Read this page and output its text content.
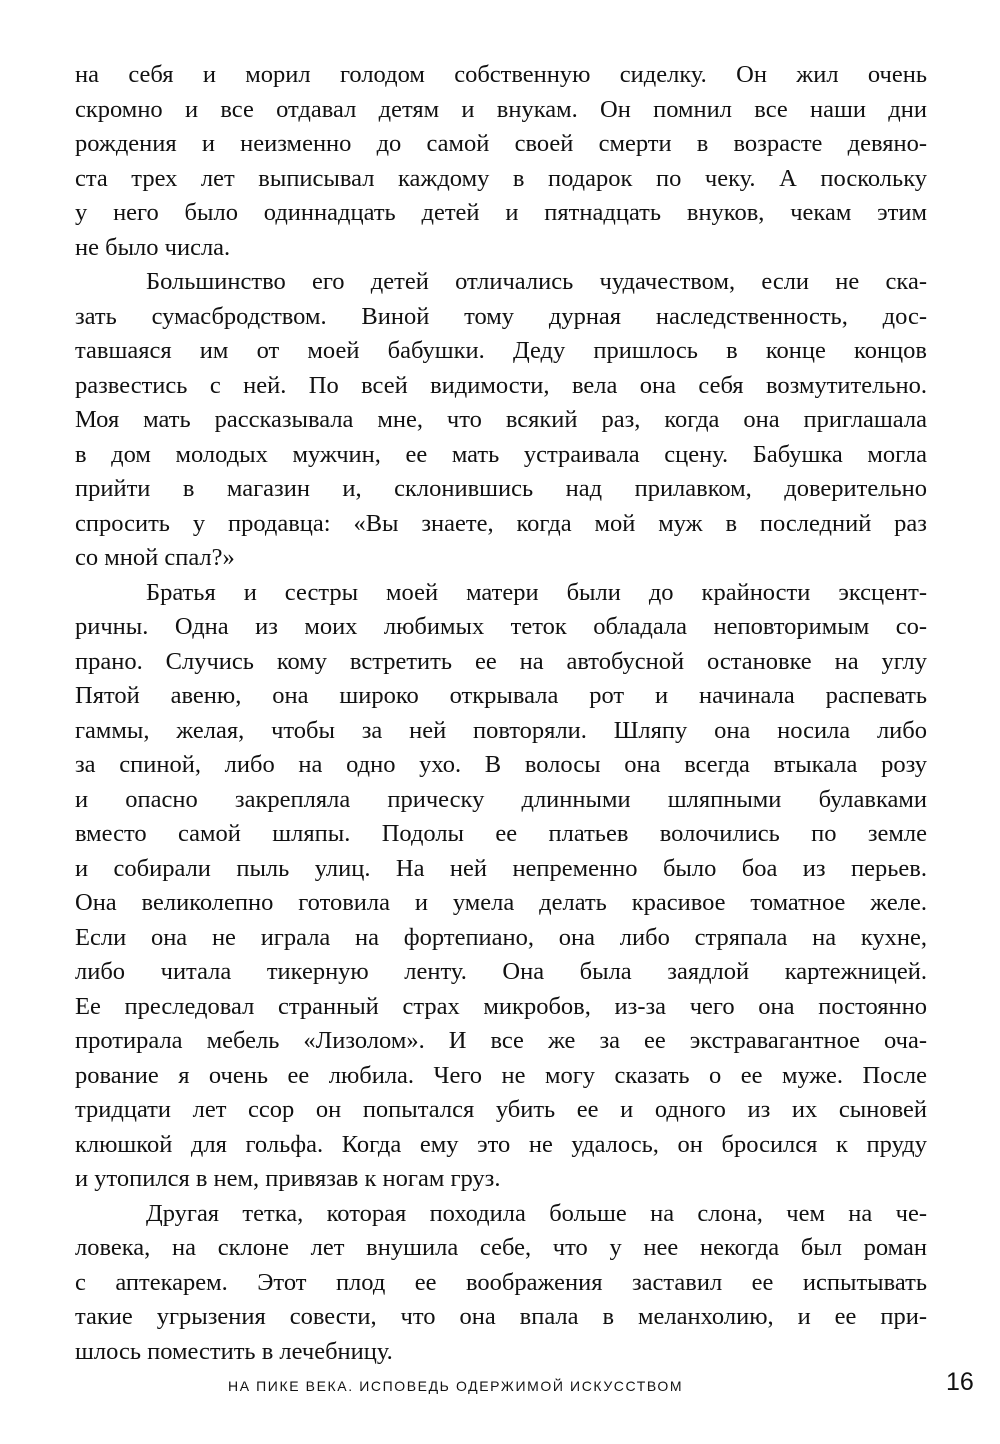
на себя и морил голодом собственную сиделку. Он жил очень
скромно и все отдавал детям и внукам. Он помнил все наши дни
рождения и неизменно до самой своей смерти в возрасте девяно-
ста трех лет выписывал каждому в подарок по чеку. А поскольку
у него было одиннадцать детей и пятнадцать внуков, чекам этим
не было числа.
Большинство его детей отличались чудачеством, если не ска-
зать сумасбродством. Виной тому дурная наследственность, дос-
тавшаяся им от моей бабушки. Деду пришлось в конце концов
развестись с ней. По всей видимости, вела она себя возмутительно.
Моя мать рассказывала мне, что всякий раз, когда она приглашала
в дом молодых мужчин, ее мать устраивала сцену. Бабушка могла
прийти в магазин и, склонившись над прилавком, доверительно
спросить у продавца: «Вы знаете, когда мой муж в последний раз
со мной спал?»
Братья и сестры моей матери были до крайности эксцент-
ричны. Одна из моих любимых теток обладала неповторимым со-
прано. Случись кому встретить ее на автобусной остановке на углу
Пятой авеню, она широко открывала рот и начинала распевать
гаммы, желая, чтобы за ней повторяли. Шляпу она носила либо
за спиной, либо на одно ухо. В волосы она всегда втыкала розу
и опасно закрепляла прическу длинными шляпными булавками
вместо самой шляпы. Подолы ее платьев волочились по земле
и собирали пыль улиц. На ней непременно было боа из перьев.
Она великолепно готовила и умела делать красивое томатное желе.
Если она не играла на фортепиано, она либо стряпала на кухне,
либо читала тикерную ленту. Она была заядлой картежницей.
Ее преследовал странный страх микробов, из-за чего она постоянно
протирала мебель «Лизолом». И все же за ее экстравагантное оча-
рование я очень ее любила. Чего не могу сказать о ее муже. После
тридцати лет ссор он попытался убить ее и одного из их сыновей
клюшкой для гольфа. Когда ему это не удалось, он бросился к пруду
и утопился в нем, привязав к ногам груз.
Другая тетка, которая походила больше на слона, чем на че-
ловека, на склоне лет внушила себе, что у нее некогда был роман
с аптекарем. Этот плод ее воображения заставил ее испытывать
такие угрызения совести, что она впала в меланхолию, и ее при-
шлось поместить в лечебницу.
НА ПИКЕ ВЕКА. ИСПОВЕДЬ ОДЕРЖИМОЙ ИСКУССТВОМ	16
